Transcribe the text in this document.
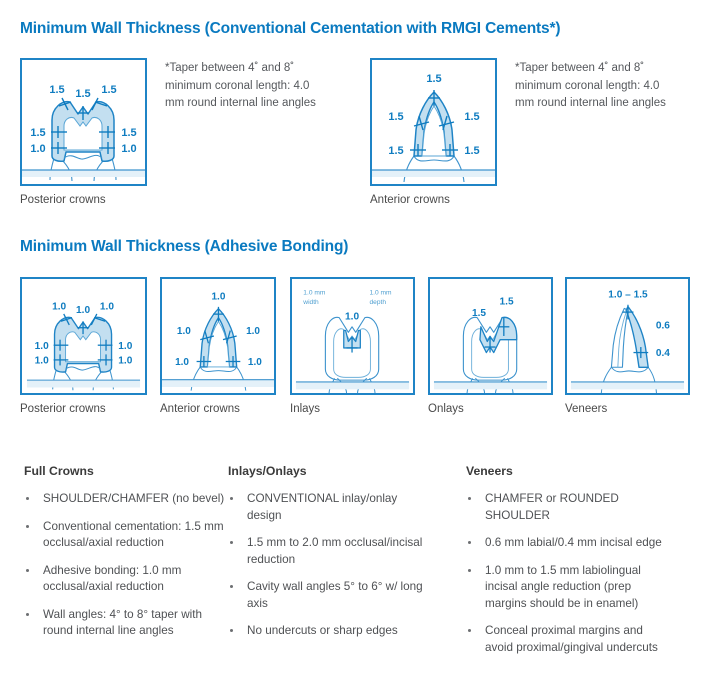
Minimum Wall Thickness (Conventional Cementation with RMGI Cements*)
1.5 1.5 1.5
1.5	1.5
1.0	1.0
Posterior crowns
*Taper between 4˚ and 8˚ minimum coronal length: 4.0 mm round internal line angles
1.5
1.5	1.5
1.5	1.5
Anterior crowns
*Taper between 4˚ and 8˚ minimum coronal length: 4.0 mm round internal line angles
Minimum Wall Thickness (Adhesive Bonding)
1.0 1.0 1.0
1.0	1.0
1.0	1.0
Posterior crowns
1.0
1.0	1.0
1.0	1.0
Anterior crowns
1.0 mm
width
1.0 mm
depth
1.0
Inlays
1.5
1.5
Onlays
1.0 – 1.5
0.6
0.4
Veneers
Full Crowns
SHOULDER/CHAMFER (no bevel)
Conventional cementation: 1.5 mm occlusal/axial reduction
Adhesive bonding: 1.0 mm occlusal/axial reduction
Wall angles: 4° to 8° taper with round internal line angles
Inlays/Onlays
CONVENTIONAL inlay/onlay design
1.5 mm to 2.0 mm occlusal/incisal reduction
Cavity wall angles 5° to 6° w/ long axis
No undercuts or sharp edges
Veneers
CHAMFER or ROUNDED SHOULDER
0.6 mm labial/0.4 mm incisal edge
1.0 mm to 1.5 mm labiolingual incisal angle reduction (prep margins should be in enamel)
Conceal proximal margins and avoid proximal/gingival undercuts
